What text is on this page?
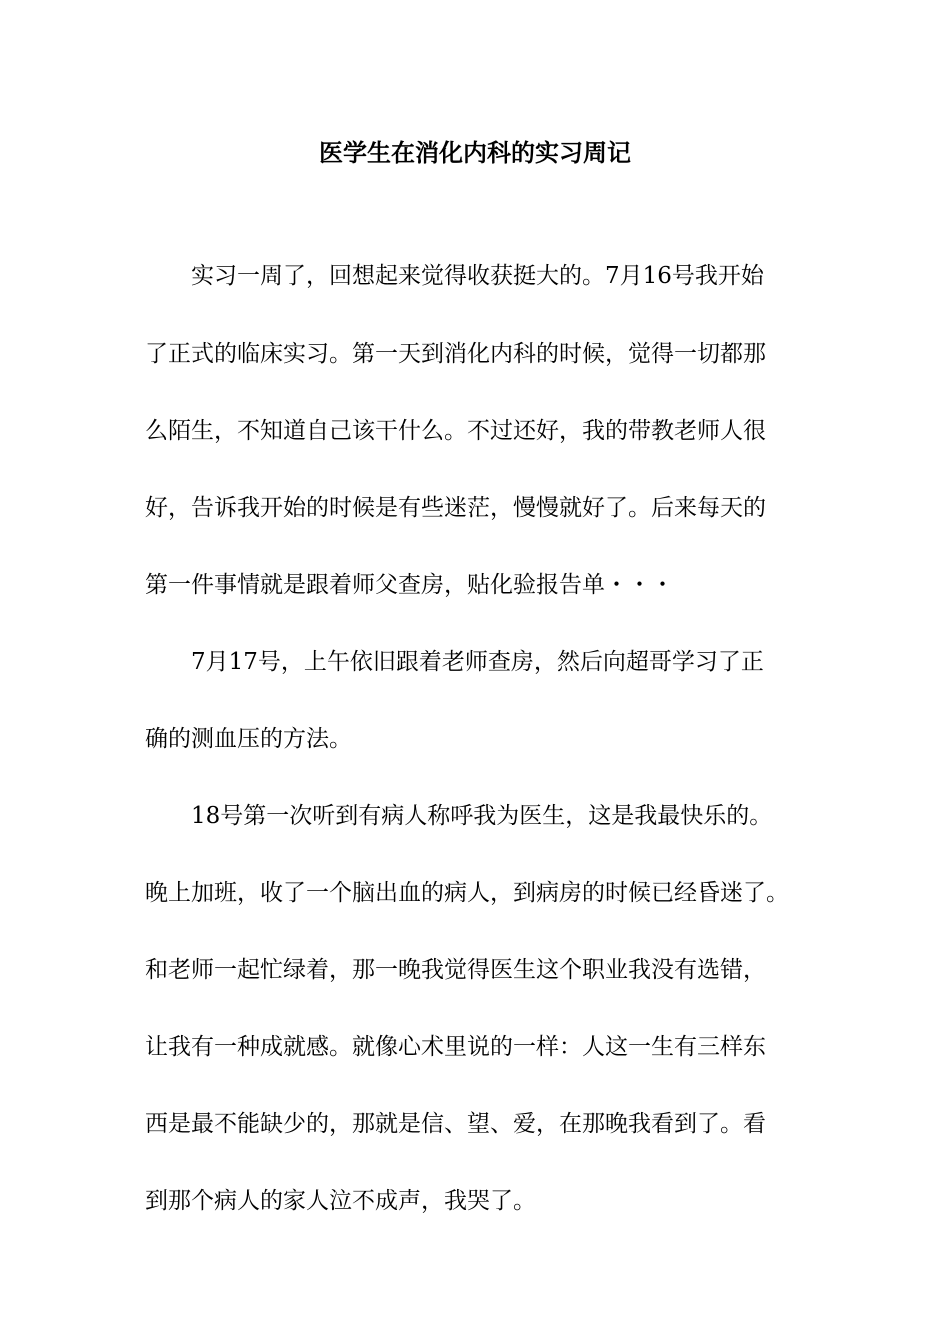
医学生在消化内科的实习周记
实习一周了，回想起来觉得收获挺大的。7月16号我开始
了正式的临床实习。第一天到消化内科的时候，觉得一切都那
么陌生，不知道自己该干什么。不过还好，我的带教老师人很
好，告诉我开始的时候是有些迷茫，慢慢就好了。后来每天的
第一件事情就是跟着师父查房，贴化验报告单・・・
7月17号，上午依旧跟着老师查房，然后向超哥学习了正
确的测血压的方法。
18号第一次听到有病人称呼我为医生，这是我最快乐的。
晚上加班，收了一个脑出血的病人，到病房的时候已经昏迷了。
和老师一起忙绿着，那一晚我觉得医生这个职业我没有选错，
让我有一种成就感。就像心术里说的一样：人这一生有三样东
西是最不能缺少的，那就是信、望、爱，在那晚我看到了。看
到那个病人的家人泣不成声，我哭了。
